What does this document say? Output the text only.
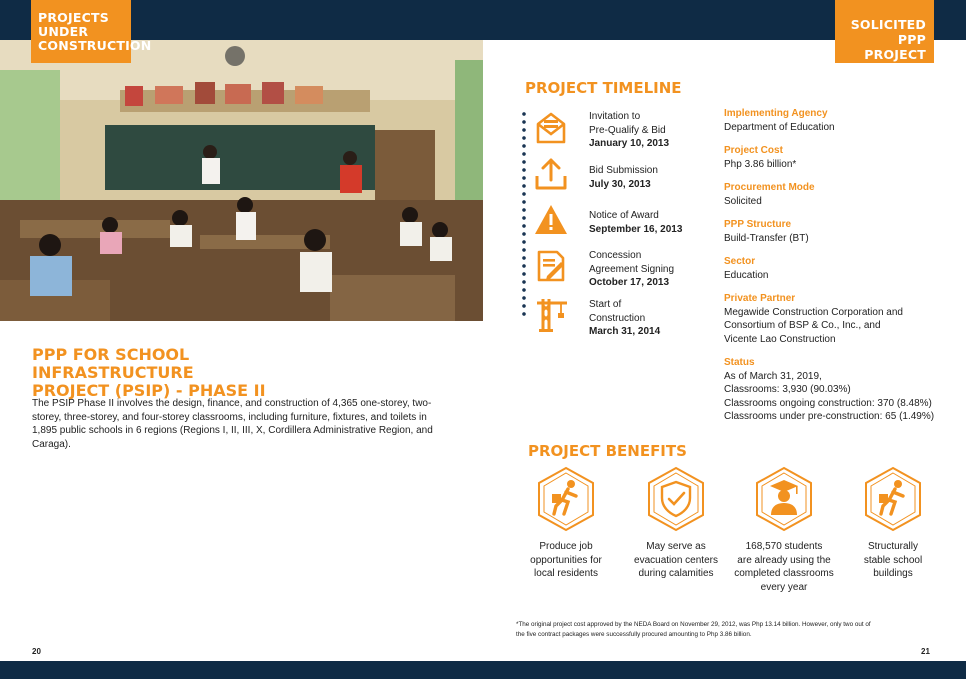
PROJECTS
UNDER
CONSTRUCTION
SOLICITED
PPP PROJECT
PPP FOR SCHOOL INFRASTRUCTURE
PROJECT (PSIP) - PHASE II
The PSIP Phase II involves the design, finance, and construction of 4,365 one-storey, two-storey, three-storey, and four-storey classrooms, including furniture, fixtures, and toilets in 1,895 public schools in 6 regions (Regions I, II, III, X, Cordillera Administrative Region, and Caraga).
20
PROJECT TIMELINE
Invitation to
Pre-Qualify & Bid
January 10, 2013
Bid Submission
July 30, 2013
Notice of Award
September 16, 2013
Concession
Agreement Signing
October 17, 2013
Start of
Construction
March 31, 2014
Implementing Agency
Department of Education
Project Cost
Php 3.86 billion*
Procurement Mode
Solicited
PPP Structure
Build-Transfer (BT)
Sector
Education
Private Partner
Megawide Construction Corporation and
Consortium of BSP & Co., Inc., and
Vicente Lao Construction
Status
As of March 31, 2019,
Classrooms: 3,930 (90.03%)
Classrooms ongoing construction: 370 (8.48%)
Classrooms under pre-construction: 65 (1.49%)
PROJECT BENEFITS
Produce job
opportunities for
local residents
May serve as
evacuation centers
during calamities
168,570 students
are already using the
completed classrooms
every year
Structurally
stable school
buildings
*The original project cost approved by the NEDA Board on November 29, 2012, was Php 13.14 billion. However, only two out of
the five contract packages were successfully procured amounting to Php 3.86 billion.
21
